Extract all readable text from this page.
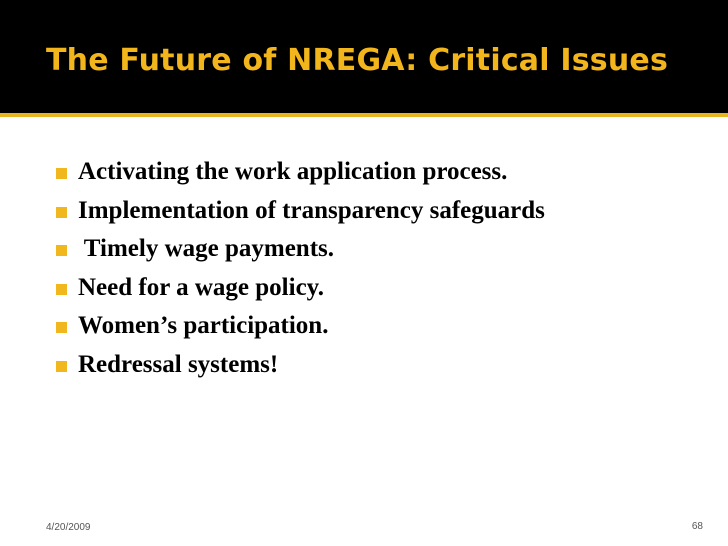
The Future of NREGA: Critical Issues
Activating the work application process.
Implementation of transparency safeguards
Timely wage payments.
Need for a wage policy.
Women’s participation.
Redressal systems!
4/20/2009	68
